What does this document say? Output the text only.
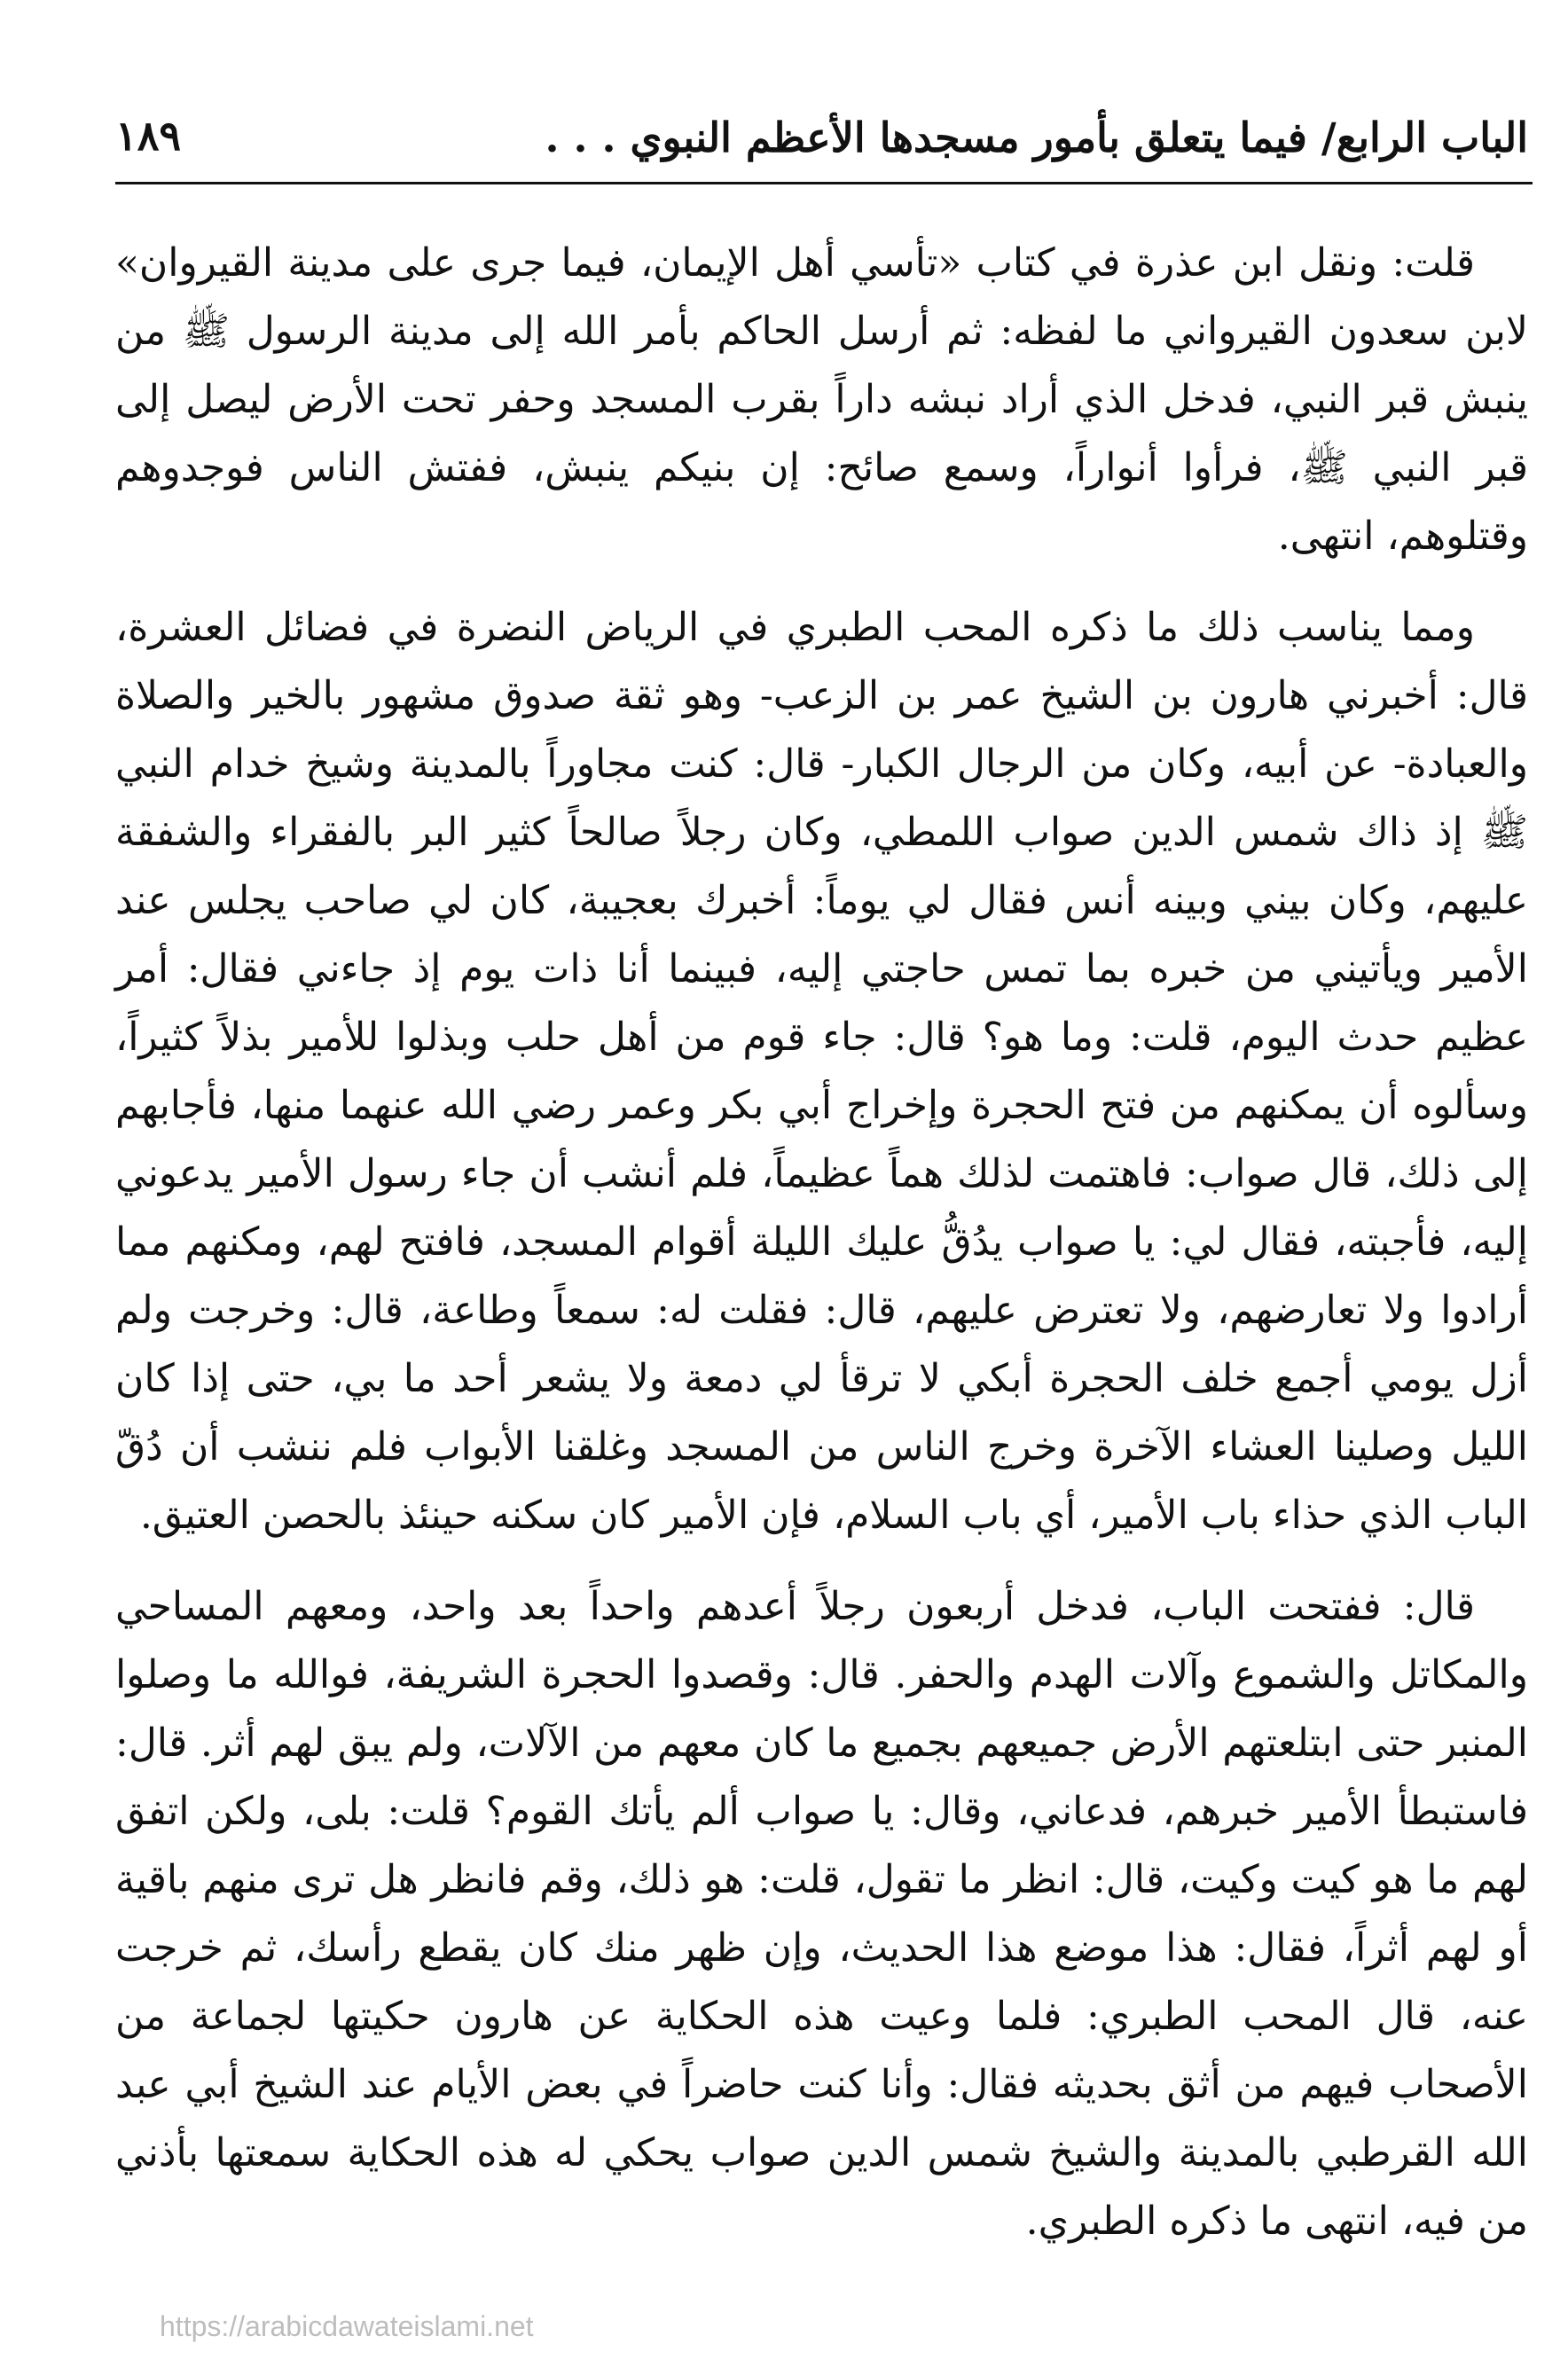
الباب الرابع/ فيما يتعلق بأمور مسجدها الأعظم النبوي . . .
١٨٩

قلت: ونقل ابن عذرة في كتاب «تأسي أهل الإيمان، فيما جرى على مدينة القيروان» لابن سعدون القيرواني ما لفظه: ثم أرسل الحاكم بأمر الله إلى مدينة الرسول ﷺ من ينبش قبر النبي، فدخل الذي أراد نبشه داراً بقرب المسجد وحفر تحت الأرض ليصل إلى قبر النبي ﷺ، فرأوا أنواراً، وسمع صائح: إن بنيكم ينبش، ففتش الناس فوجدوهم وقتلوهم، انتهى.

ومما يناسب ذلك ما ذكره المحب الطبري في الرياض النضرة في فضائل العشرة، قال: أخبرني هارون بن الشيخ عمر بن الزعب- وهو ثقة صدوق مشهور بالخير والصلاة والعبادة- عن أبيه، وكان من الرجال الكبار- قال: كنت مجاوراً بالمدينة وشيخ خدام النبي ﷺ إذ ذاك شمس الدين صواب اللمطي، وكان رجلاً صالحاً كثير البر بالفقراء والشفقة عليهم، وكان بيني وبينه أنس فقال لي يوماً: أخبرك بعجيبة، كان لي صاحب يجلس عند الأمير ويأتيني من خبره بما تمس حاجتي إليه، فبينما أنا ذات يوم إذ جاءني فقال: أمر عظيم حدث اليوم، قلت: وما هو؟ قال: جاء قوم من أهل حلب وبذلوا للأمير بذلاً كثيراً، وسألوه أن يمكنهم من فتح الحجرة وإخراج أبي بكر وعمر رضي الله عنهما منها، فأجابهم إلى ذلك، قال صواب: فاهتمت لذلك هماً عظيماً، فلم أنشب أن جاء رسول الأمير يدعوني إليه، فأجبته، فقال لي: يا صواب يدُقُّ عليك الليلة أقوام المسجد، فافتح لهم، ومكنهم مما أرادوا ولا تعارضهم، ولا تعترض عليهم، قال: فقلت له: سمعاً وطاعة، قال: وخرجت ولم أزل يومي أجمع خلف الحجرة أبكي لا ترقأ لي دمعة ولا يشعر أحد ما بي، حتى إذا كان الليل وصلينا العشاء الآخرة وخرج الناس من المسجد وغلقنا الأبواب فلم ننشب أن دُقّ الباب الذي حذاء باب الأمير، أي باب السلام، فإن الأمير كان سكنه حينئذ بالحصن العتيق.

قال: ففتحت الباب، فدخل أربعون رجلاً أعدهم واحداً بعد واحد، ومعهم المساحي والمكاتل والشموع وآلات الهدم والحفر. قال: وقصدوا الحجرة الشريفة، فوالله ما وصلوا المنبر حتى ابتلعتهم الأرض جميعهم بجميع ما كان معهم من الآلات، ولم يبق لهم أثر. قال: فاستبطأ الأمير خبرهم، فدعاني، وقال: يا صواب ألم يأتك القوم؟ قلت: بلى، ولكن اتفق لهم ما هو كيت وكيت، قال: انظر ما تقول، قلت: هو ذلك، وقم فانظر هل ترى منهم باقية أو لهم أثراً، فقال: هذا موضع هذا الحديث، وإن ظهر منك كان يقطع رأسك، ثم خرجت عنه، قال المحب الطبري: فلما وعيت هذه الحكاية عن هارون حكيتها لجماعة من الأصحاب فيهم من أثق بحديثه فقال: وأنا كنت حاضراً في بعض الأيام عند الشيخ أبي عبد الله القرطبي بالمدينة والشيخ شمس الدين صواب يحكي له هذه الحكاية سمعتها بأذني من فيه، انتهى ما ذكره الطبري.

https://arabicdawateislami.net
